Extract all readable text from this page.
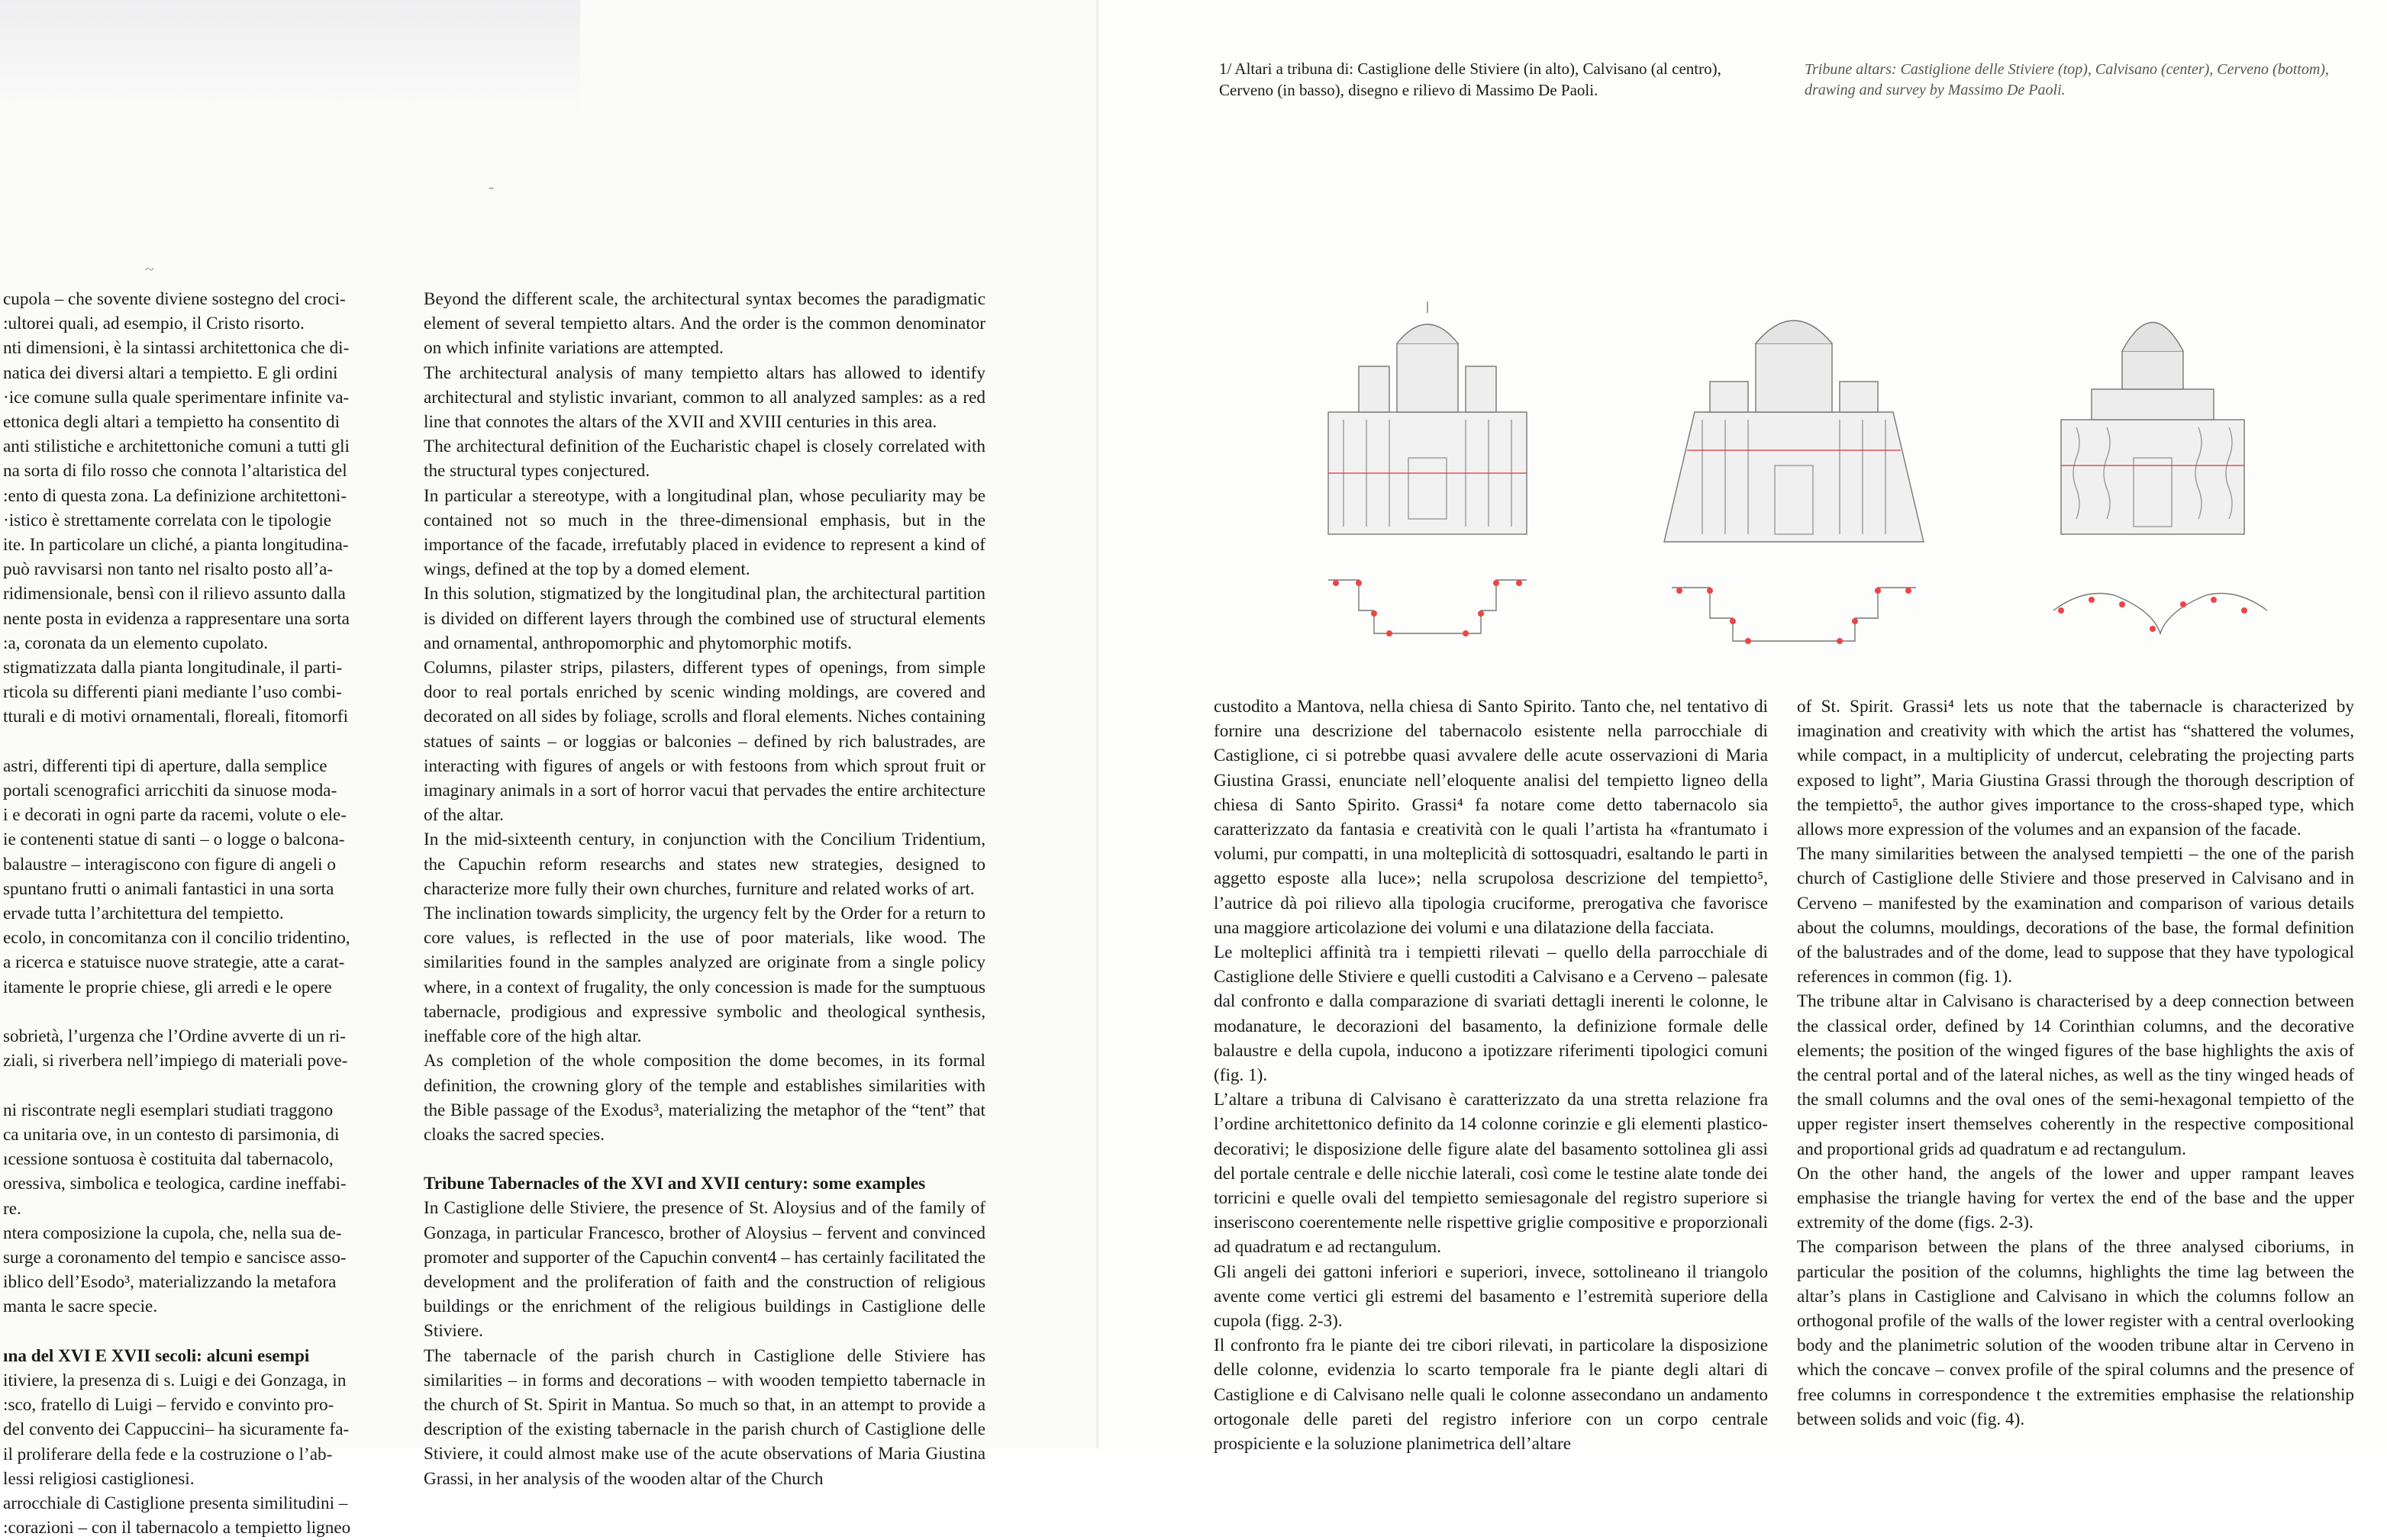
-
~

cupola – che sovente diviene sostegno del croci-

:ultorei quali, ad esempio, il Cristo risorto.

nti dimensioni, è la sintassi architettonica che di-

natica dei diversi altari a tempietto. E gli ordini

·ice comune sulla quale sperimentare infinite va-

ettonica degli altari a tempietto ha consentito di

anti stilistiche e architettoniche comuni a tutti gli

na sorta di filo rosso che connota l’altaristica del

:ento di questa zona. La definizione architettoni-

·istico è strettamente correlata con le tipologie

ite. In particolare un cliché, a pianta longitudina-

può ravvisarsi non tanto nel risalto posto all’a-

ridimensionale, bensì con il rilievo assunto dalla

nente posta in evidenza a rappresentare una sorta

:a, coronata da un elemento cupolato.

stigmatizzata dalla pianta longitudinale, il parti-

rticola su differenti piani mediante l’uso combi-

tturali e di motivi ornamentali, floreali, fitomorfi

astri, differenti tipi di aperture, dalla semplice

portali scenografici arricchiti da sinuose moda-

i e decorati in ogni parte da racemi, volute o ele-

ie contenenti statue di santi – o logge o balcona-

balaustre – interagiscono con figure di angeli o

spuntano frutti o animali fantastici in una sorta

ervade tutta l’architettura del tempietto.

ecolo, in concomitanza con il concilio tridentino,

a ricerca e statuisce nuove strategie, atte a carat-

itamente le proprie chiese, gli arredi e le opere

sobrietà, l’urgenza che l’Ordine avverte di un ri-

ziali, si riverbera nell’impiego di materiali pove-

ni riscontrate negli esemplari studiati traggono

ca unitaria ove, in un contesto di parsimonia, di

ıcessione sontuosa è costituita dal tabernacolo,

oressiva, simbolica e teologica, cardine ineffabi-

re.

ntera composizione la cupola, che, nella sua de-

surge a coronamento del tempio e sancisce asso-

iblico dell’Esodo³, materializzando la metafora

manta le sacre specie.

ına del XVI E XVII secoli: alcuni esempi

itiviere, la presenza di s. Luigi e dei Gonzaga, in

:sco, fratello di Luigi – fervido e convinto pro-

del convento dei Cappuccini– ha sicuramente fa-

il proliferare della fede e la costruzione o l’ab-

lessi religiosi castiglionesi.

arrocchiale di Castiglione presenta similitudini –

:corazioni – con il tabernacolo a tempietto ligneo

Beyond the different scale, the architectural syntax becomes the paradigmatic element of several tempietto altars. And the order is the common denominator on which infinite variations are attempted.

The architectural analysis of many tempietto altars has allowed to identify architectural and stylistic invariant, common to all analyzed samples: as a red line that connotes the altars of the XVII and XVIII centuries in this area.

The architectural definition of the Eucharistic chapel is closely correlated with the structural types conjectured.

In particular a stereotype, with a longitudinal plan, whose peculiarity may be contained not so much in the three-dimensional emphasis, but in the importance of the facade, irrefutably placed in evidence to represent a kind of wings, defined at the top by a domed element.

In this solution, stigmatized by the longitudinal plan, the architectural partition is divided on different layers through the combined use of structural elements and ornamental, anthropomorphic and phytomorphic motifs.

Columns, pilaster strips, pilasters, different types of openings, from simple door to real portals enriched by scenic winding moldings, are covered and decorated on all sides by foliage, scrolls and floral elements. Niches containing statues of saints – or loggias or balconies – defined by rich balustrades, are interacting with figures of angels or with festoons from which sprout fruit or imaginary animals in a sort of horror vacui that pervades the entire architecture of the altar.

In the mid-sixteenth century, in conjunction with the Concilium Tridentium, the Capuchin reform researchs and states new strategies, designed to characterize more fully their own churches, furniture and related works of art.

The inclination towards simplicity, the urgency felt by the Order for a return to core values, is reflected in the use of poor materials, like wood. The similarities found in the samples analyzed are originate from a single policy where, in a context of frugality, the only concession is made for the sumptuous tabernacle, prodigious and expressive symbolic and theological synthesis, ineffable core of the high altar.

As completion of the whole composition the dome becomes, in its formal definition, the crowning glory of the temple and establishes similarities with the Bible passage of the Exodus³, materializing the metaphor of the “tent” that cloaks the sacred species.

Tribune Tabernacles of the XVI and XVII century: some examples

In Castiglione delle Stiviere, the presence of St. Aloysius and of the family of Gonzaga, in particular Francesco, brother of Aloysius – fervent and convinced promoter and supporter of the Capuchin convent4 – has certainly facilitated the development and the proliferation of faith and the construction of religious buildings or the enrichment of the religious buildings in Castiglione delle Stiviere.

The tabernacle of the parish church in Castiglione delle Stiviere has similarities – in forms and decorations – with wooden tempietto tabernacle in the church of St. Spirit in Mantua. So much so that, in an attempt to provide a description of the existing tabernacle in the parish church of Castiglione delle Stiviere, it could almost make use of the acute observations of Maria Giustina Grassi, in her analysis of the wooden altar of the Church

1/ Altari a tribuna di: Castiglione delle Stiviere (in alto), Calvisano (al centro), Cerveno (in basso), disegno e rilievo di Massimo De Paoli.
Tribune altars: Castiglione delle Stiviere (top), Calvisano (center), Cerveno (bottom), drawing and survey by Massimo De Paoli.

custodito a Mantova, nella chiesa di Santo Spirito. Tanto che, nel tentativo di fornire una descrizione del tabernacolo esistente nella parrocchiale di Castiglione, ci si potrebbe quasi avvalere delle acute osservazioni di Maria Giustina Grassi, enunciate nell’eloquente analisi del tempietto ligneo della chiesa di Santo Spirito. Grassi⁴ fa notare come detto tabernacolo sia caratterizzato da fantasia e creatività con le quali l’artista ha «frantumato i volumi, pur compatti, in una molteplicità di sottosquadri, esaltando le parti in aggetto esposte alla luce»; nella scrupolosa descrizione del tempietto⁵, l’autrice dà poi rilievo alla tipologia cruciforme, prerogativa che favorisce una maggiore articolazione dei volumi e una dilatazione della facciata.

Le molteplici affinità tra i tempietti rilevati – quello della parrocchiale di Castiglione delle Stiviere e quelli custoditi a Calvisano e a Cerveno – palesate dal confronto e dalla comparazione di svariati dettagli inerenti le colonne, le modanature, le decorazioni del basamento, la definizione formale delle balaustre e della cupola, inducono a ipotizzare riferimenti tipologici comuni (fig. 1).

L’altare a tribuna di Calvisano è caratterizzato da una stretta relazione fra l’ordine architettonico definito da 14 colonne corinzie e gli elementi plastico-decorativi; le disposizione delle figure alate del basamento sottolinea gli assi del portale centrale e delle nicchie laterali, così come le testine alate tonde dei torricini e quelle ovali del tempietto semiesagonale del registro superiore si inseriscono coerentemente nelle rispettive griglie compositive e proporzionali ad quadratum e ad rectangulum.

Gli angeli dei gattoni inferiori e superiori, invece, sottolineano il triangolo avente come vertici gli estremi del basamento e l’estremità superiore della cupola (figg. 2-3).

Il confronto fra le piante dei tre cibori rilevati, in particolare la disposizione delle colonne, evidenzia lo scarto temporale fra le piante degli altari di Castiglione e di Calvisano nelle quali le colonne assecondano un andamento ortogonale delle pareti del registro inferiore con un corpo centrale prospiciente e la soluzione planimetrica dell’altare

of St. Spirit. Grassi⁴ lets us note that the tabernacle is characterized by imagination and creativity with which the artist has “shattered the volumes, while compact, in a multiplicity of undercut, celebrating the projecting parts exposed to light”, Maria Giustina Grassi through the thorough description of the tempietto⁵, the author gives importance to the cross-shaped type, which allows more expression of the volumes and an expansion of the facade.

The many similarities between the analysed tempietti – the one of the parish church of Castiglione delle Stiviere and those preserved in Calvisano and in Cerveno – manifested by the examination and comparison of various details about the columns, mouldings, decorations of the base, the formal definition of the balustrades and of the dome, lead to suppose that they have typological references in common (fig. 1).

The tribune altar in Calvisano is characterised by a deep connection between the classical order, defined by 14 Corinthian columns, and the decorative elements; the position of the winged figures of the base highlights the axis of the central portal and of the lateral niches, as well as the tiny winged heads of the small columns and the oval ones of the semi-hexagonal tempietto of the upper register insert themselves coherently in the respective compositional and proportional grids ad quadratum e ad rectangulum.

On the other hand, the angels of the lower and upper rampant leaves emphasise the triangle having for vertex the end of the base and the upper extremity of the dome (figs. 2-3).

The comparison between the plans of the three analysed ciboriums, in particular the position of the columns, highlights the time lag between the altar’s plans in Castiglione and Calvisano in which the columns follow an orthogonal profile of the walls of the lower register with a central overlooking body and the planimetric solution of the wooden tribune altar in Cerveno in which the concave – convex profile of the spiral columns and the presence of free columns in correspondence t the extremities emphasise the relationship between solids and voic (fig. 4).
